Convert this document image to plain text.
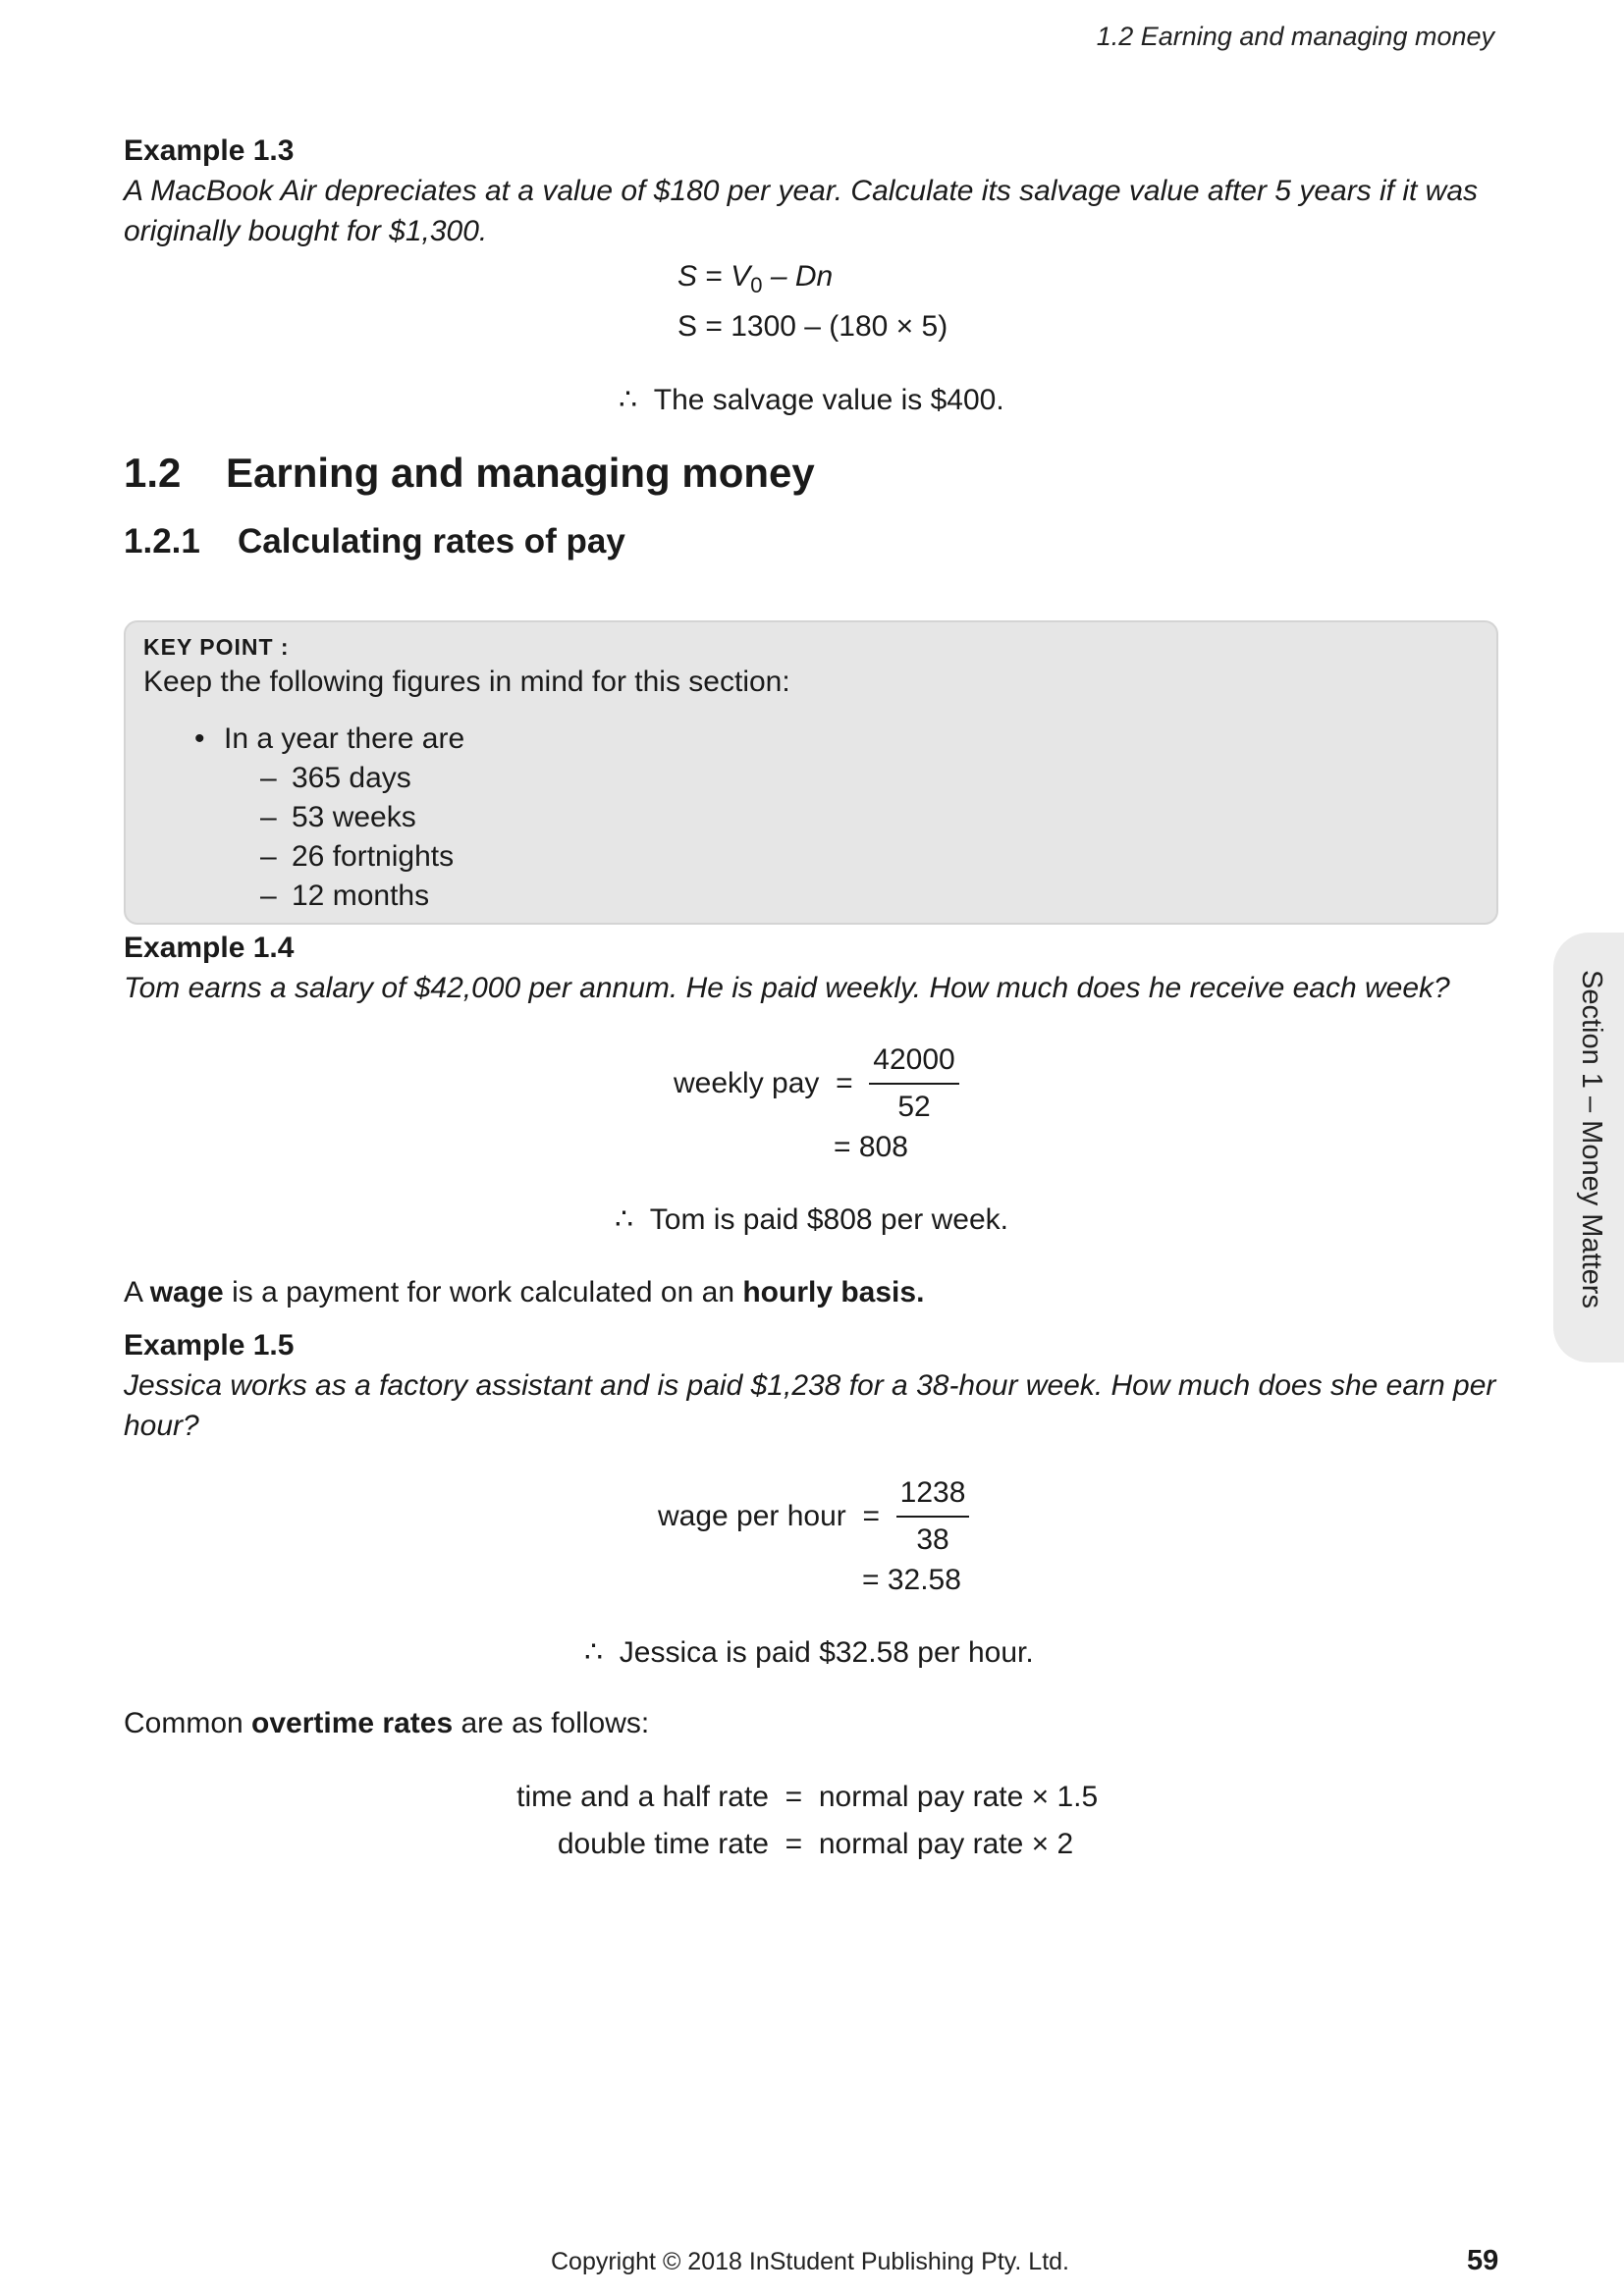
1.2 Earning and managing money
Example 1.3
A MacBook Air depreciates at a value of $180 per year. Calculate its salvage value after 5 years if it was originally bought for $1,300.
$S = V_0 - Dn$
S = 1300 – (180 × 5)
∴ The salvage value is $400.
1.2 Earning and managing money
1.2.1 Calculating rates of pay
KEY POINT :
Keep the following figures in mind for this section:
• In a year there are
– 365 days
– 53 weeks
– 26 fortnights
– 12 months
Example 1.4
Tom earns a salary of $42,000 per annum. He is paid weekly. How much does he receive each week?
weekly pay = $\frac{42000}{52}$
= 808
∴ Tom is paid $808 per week.
A wage is a payment for work calculated on an hourly basis.
Example 1.5
Jessica works as a factory assistant and is paid $1,238 for a 38-hour week. How much does she earn per hour?
wage per hour = $\frac{1238}{38}$
= 32.58
∴ Jessica is paid $32.58 per hour.
Common overtime rates are as follows:
time and a half rate = normal pay rate × 1.5
double time rate = normal pay rate × 2
Section 1 – Money Matters
Copyright © 2018 InStudent Publishing Pty. Ltd.	59
